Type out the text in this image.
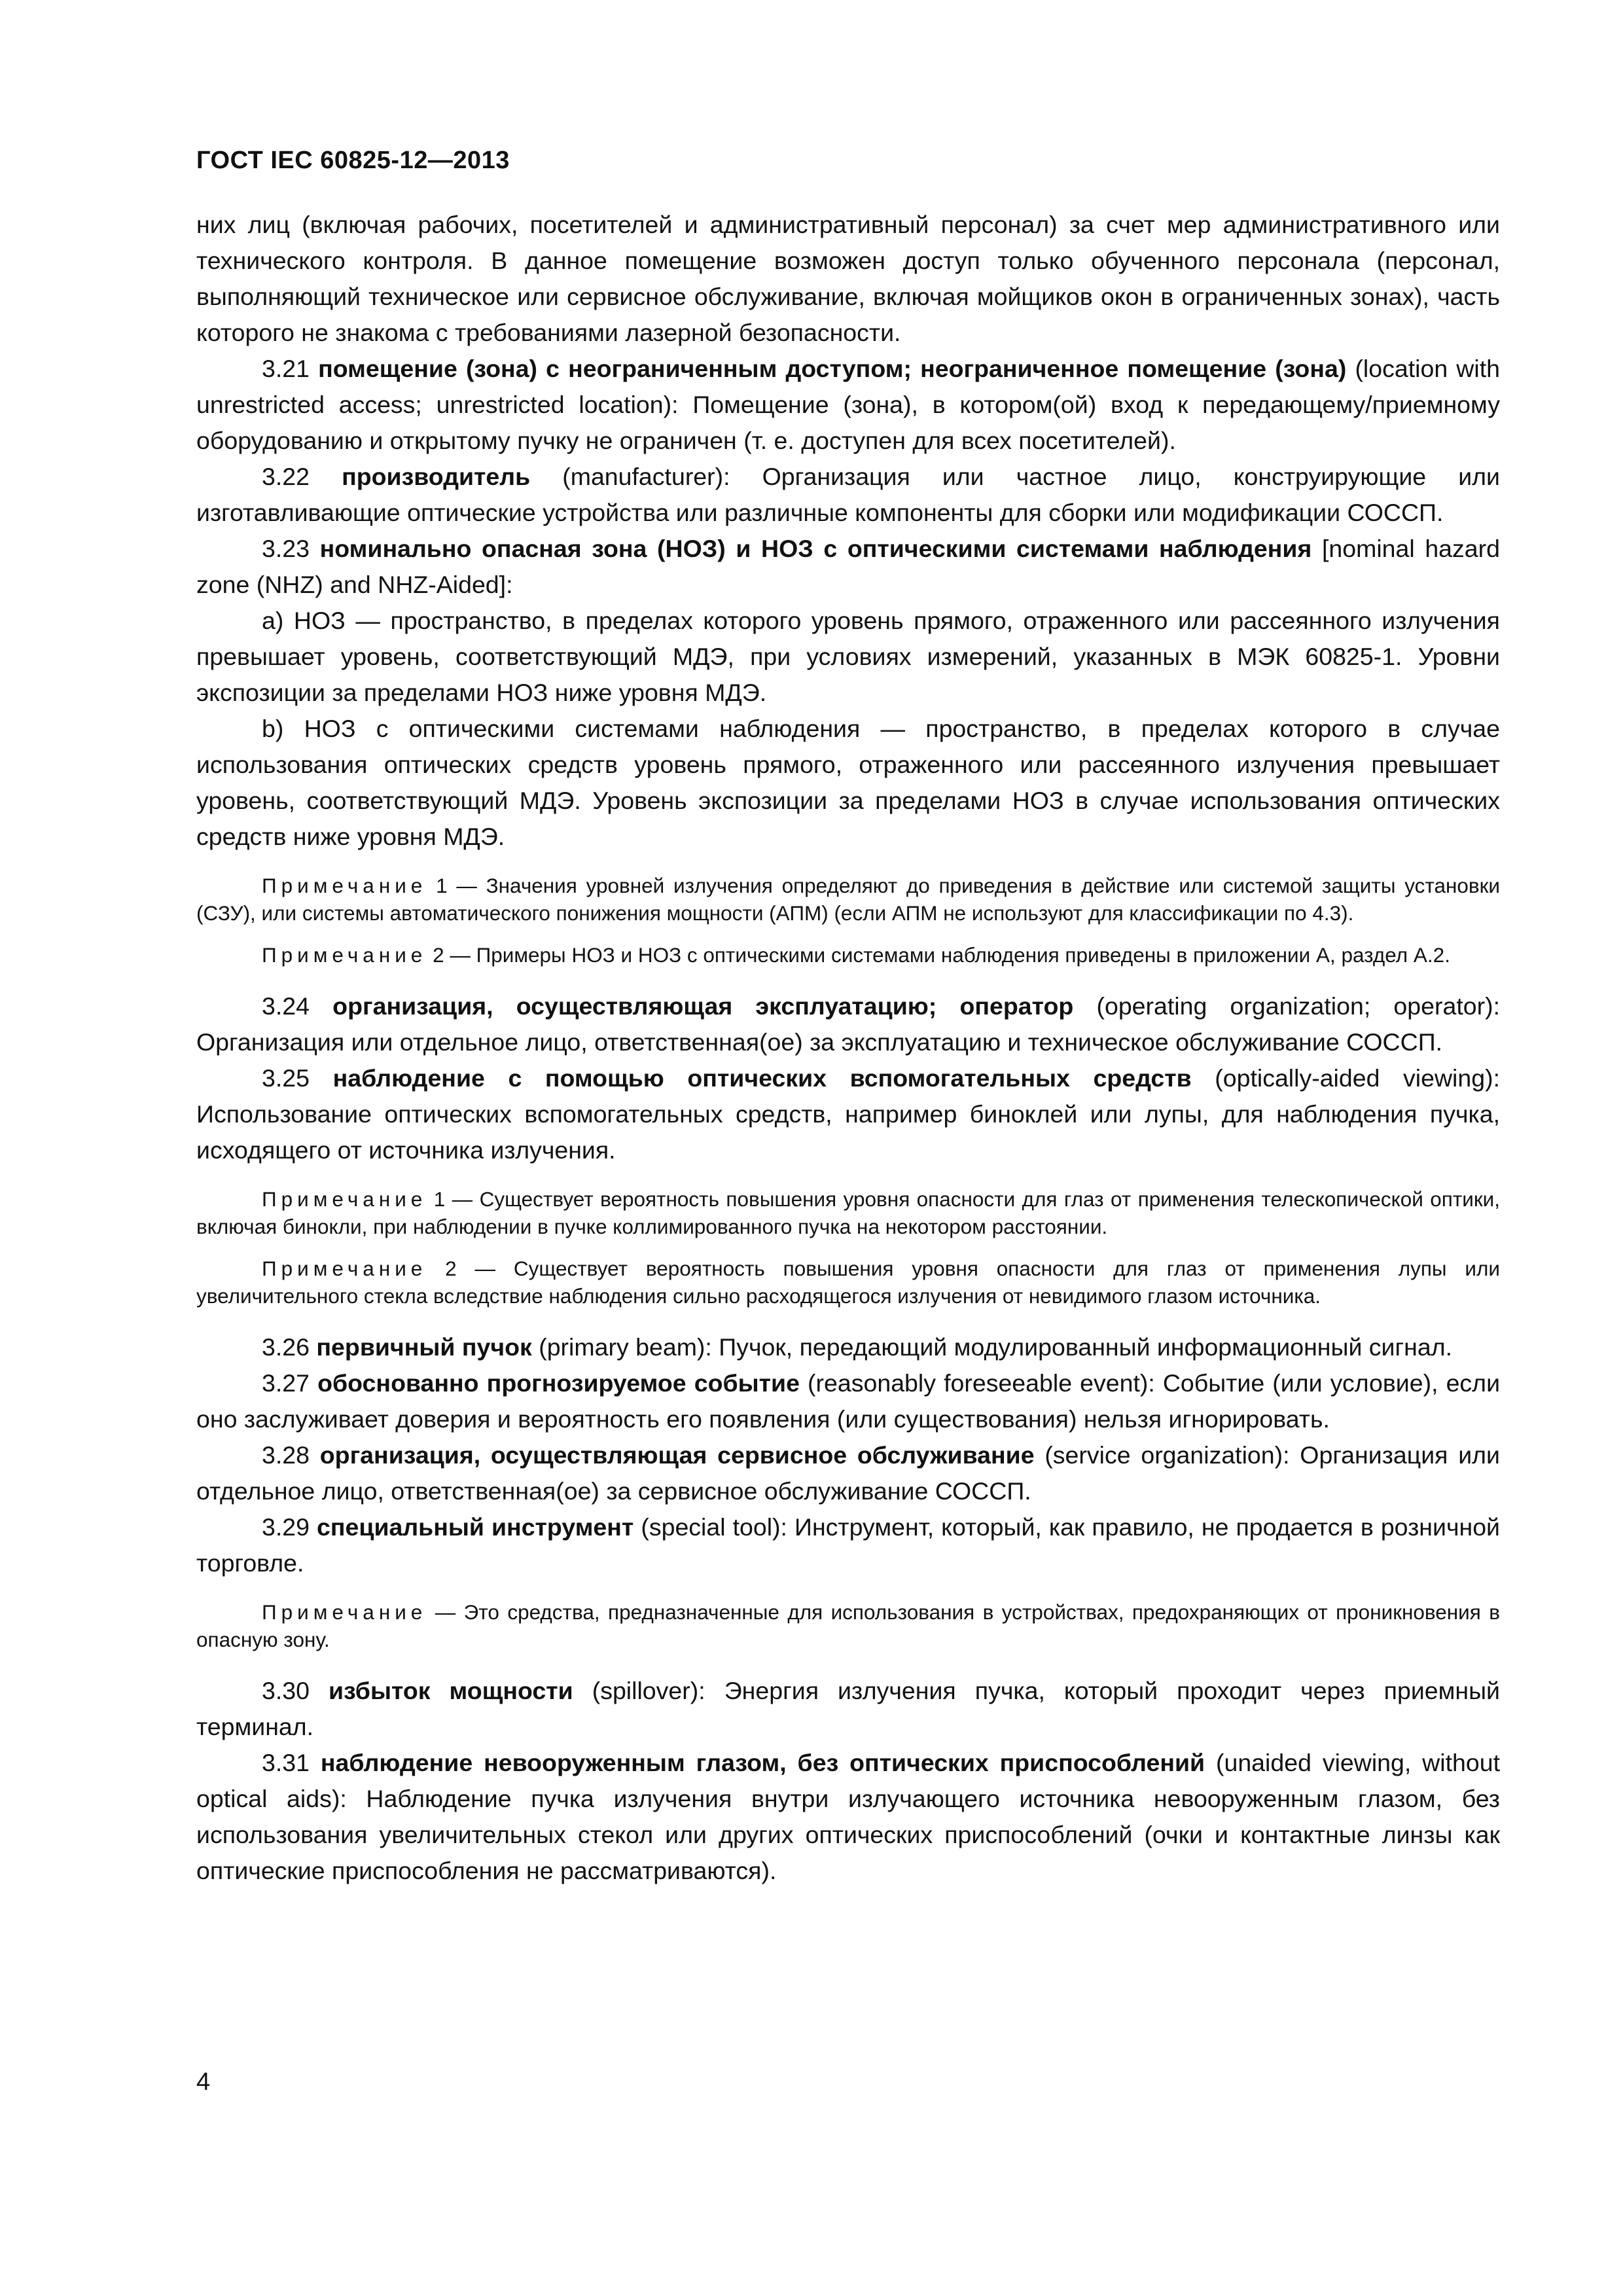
ГОСТ IEC 60825-12—2013

них лиц (включая рабочих, посетителей и административный персонал) за счет мер административного или технического контроля. В данное помещение возможен доступ только обученного персонала (персонал, выполняющий техническое или сервисное обслуживание, включая мойщиков окон в ограниченных зонах), часть которого не знакома с требованиями лазерной безопасности.

3.21 помещение (зона) с неограниченным доступом; неограниченное помещение (зона) (location with unrestricted access; unrestricted location): Помещение (зона), в котором(ой) вход к передающему/приемному оборудованию и открытому пучку не ограничен (т. е. доступен для всех посетителей).

3.22 производитель (manufacturer): Организация или частное лицо, конструирующие или изготавливающие оптические устройства или различные компоненты для сборки или модификации СОССП.

3.23 номинально опасная зона (НОЗ) и НОЗ с оптическими системами наблюдения [nominal hazard zone (NHZ) and NHZ-Aided]:

a) НОЗ — пространство, в пределах которого уровень прямого, отраженного или рассеянного излучения превышает уровень, соответствующий МДЭ, при условиях измерений, указанных в МЭК 60825-1. Уровни экспозиции за пределами НОЗ ниже уровня МДЭ.

b) НОЗ с оптическими системами наблюдения — пространство, в пределах которого в случае использования оптических средств уровень прямого, отраженного или рассеянного излучения превышает уровень, соответствующий МДЭ. Уровень экспозиции за пределами НОЗ в случае использования оптических средств ниже уровня МДЭ.

Примечание 1 — Значения уровней излучения определяют до приведения в действие или системой защиты установки (СЗУ), или системы автоматического понижения мощности (АПМ) (если АПМ не используют для классификации по 4.3).

Примечание 2 — Примеры НОЗ и НОЗ с оптическими системами наблюдения приведены в приложении А, раздел А.2.

3.24 организация, осуществляющая эксплуатацию; оператор (operating organization; operator): Организация или отдельное лицо, ответственная(ое) за эксплуатацию и техническое обслуживание СОССП.

3.25 наблюдение с помощью оптических вспомогательных средств (optically-aided viewing): Использование оптических вспомогательных средств, например биноклей или лупы, для наблюдения пучка, исходящего от источника излучения.

Примечание 1 — Существует вероятность повышения уровня опасности для глаз от применения телескопической оптики, включая бинокли, при наблюдении в пучке коллимированного пучка на некотором расстоянии.

Примечание 2 — Существует вероятность повышения уровня опасности для глаз от применения лупы или увеличительного стекла вследствие наблюдения сильно расходящегося излучения от невидимого глазом источника.

3.26 первичный пучок (primary beam): Пучок, передающий модулированный информационный сигнал.

3.27 обоснованно прогнозируемое событие (reasonably foreseeable event): Событие (или условие), если оно заслуживает доверия и вероятность его появления (или существования) нельзя игнорировать.

3.28 организация, осуществляющая сервисное обслуживание (service organization): Организация или отдельное лицо, ответственная(ое) за сервисное обслуживание СОССП.

3.29 специальный инструмент (special tool): Инструмент, который, как правило, не продается в розничной торговле.

Примечание — Это средства, предназначенные для использования в устройствах, предохраняющих от проникновения в опасную зону.

3.30 избыток мощности (spillover): Энергия излучения пучка, который проходит через приемный терминал.

3.31 наблюдение невооруженным глазом, без оптических приспособлений (unaided viewing, without optical aids): Наблюдение пучка излучения внутри излучающего источника невооруженным глазом, без использования увеличительных стекол или других оптических приспособлений (очки и контактные линзы как оптические приспособления не рассматриваются).

4
